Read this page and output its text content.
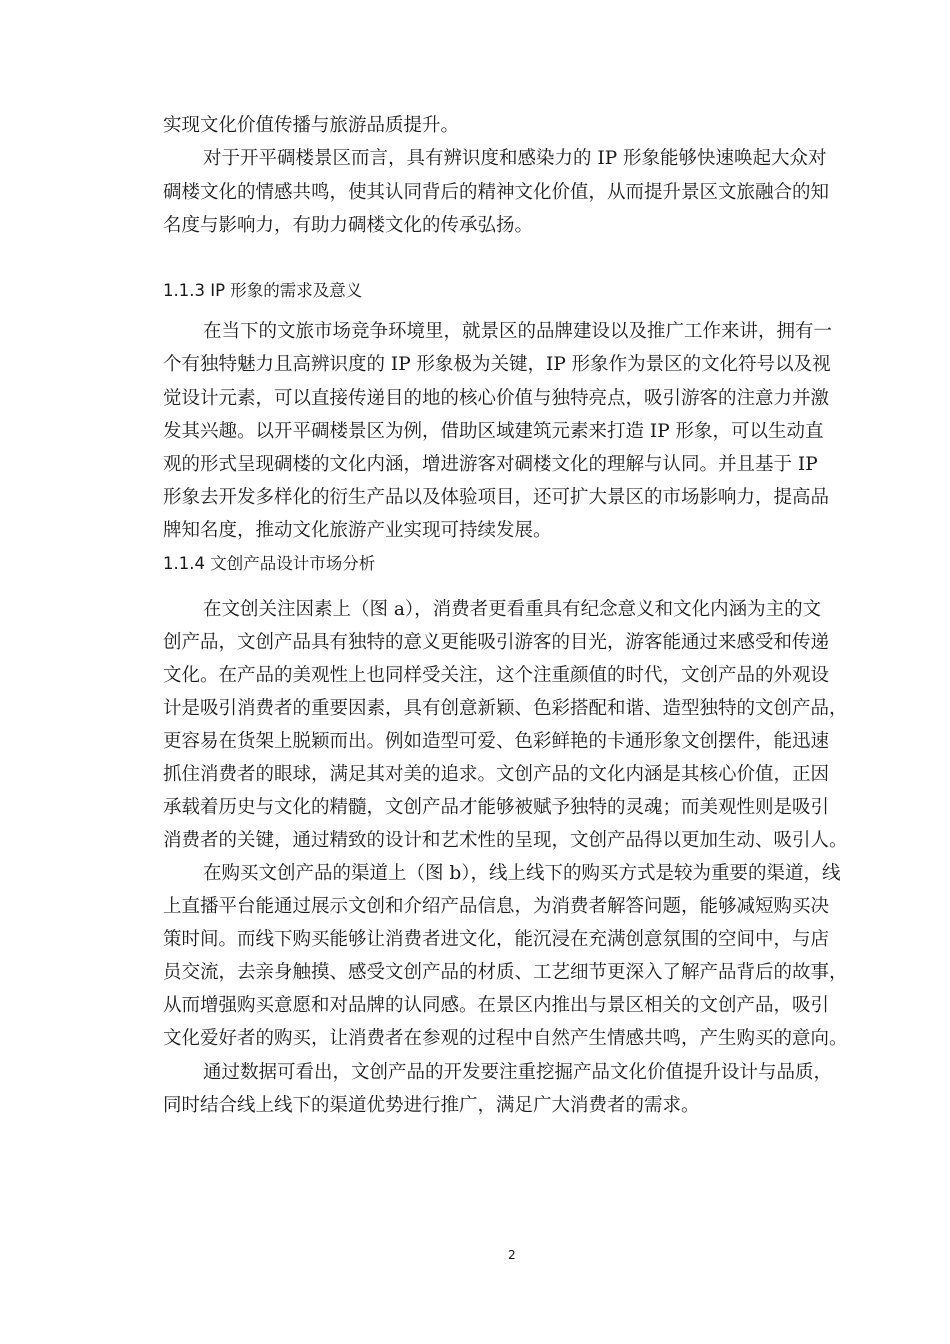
实现文化价值传播与旅游品质提升。
对于开平碉楼景区而言，具有辨识度和感染力的 IP 形象能够快速唤起大众对
碉楼文化的情感共鸣，使其认同背后的精神文化价值，从而提升景区文旅融合的知
名度与影响力，有助力碉楼文化的传承弘扬。
1.1.3 IP 形象的需求及意义
在当下的文旅市场竞争环境里，就景区的品牌建设以及推广工作来讲，拥有一
个有独特魅力且高辨识度的 IP 形象极为关键，IP 形象作为景区的文化符号以及视
觉设计元素，可以直接传递目的地的核心价值与独特亮点，吸引游客的注意力并激
发其兴趣。以开平碉楼景区为例，借助区域建筑元素来打造 IP 形象，可以生动直
观的形式呈现碉楼的文化内涵，增进游客对碉楼文化的理解与认同。并且基于 IP
形象去开发多样化的衍生产品以及体验项目，还可扩大景区的市场影响力，提高品
牌知名度，推动文化旅游产业实现可持续发展。
1.1.4 文创产品设计市场分析
在文创关注因素上（图 a），消费者更看重具有纪念意义和文化内涵为主的文
创产品，文创产品具有独特的意义更能吸引游客的目光，游客能通过来感受和传递
文化。在产品的美观性上也同样受关注，这个注重颜值的时代，文创产品的外观设
计是吸引消费者的重要因素，具有创意新颖、色彩搭配和谐、造型独特的文创产品，
更容易在货架上脱颖而出。例如造型可爱、色彩鲜艳的卡通形象文创摆件，能迅速
抓住消费者的眼球，满足其对美的追求。文创产品的文化内涵是其核心价值，正因
承载着历史与文化的精髓，文创产品才能够被赋予独特的灵魂；而美观性则是吸引
消费者的关键，通过精致的设计和艺术性的呈现，文创产品得以更加生动、吸引人。
在购买文创产品的渠道上（图 b），线上线下的购买方式是较为重要的渠道，线
上直播平台能通过展示文创和介绍产品信息，为消费者解答问题，能够减短购买决
策时间。而线下购买能够让消费者进文化，能沉浸在充满创意氛围的空间中，与店
员交流，去亲身触摸、感受文创产品的材质、工艺细节更深入了解产品背后的故事，
从而增强购买意愿和对品牌的认同感。在景区内推出与景区相关的文创产品，吸引
文化爱好者的购买，让消费者在参观的过程中自然产生情感共鸣，产生购买的意向。
通过数据可看出，文创产品的开发要注重挖掘产品文化价值提升设计与品质，
同时结合线上线下的渠道优势进行推广，满足广大消费者的需求。
2
